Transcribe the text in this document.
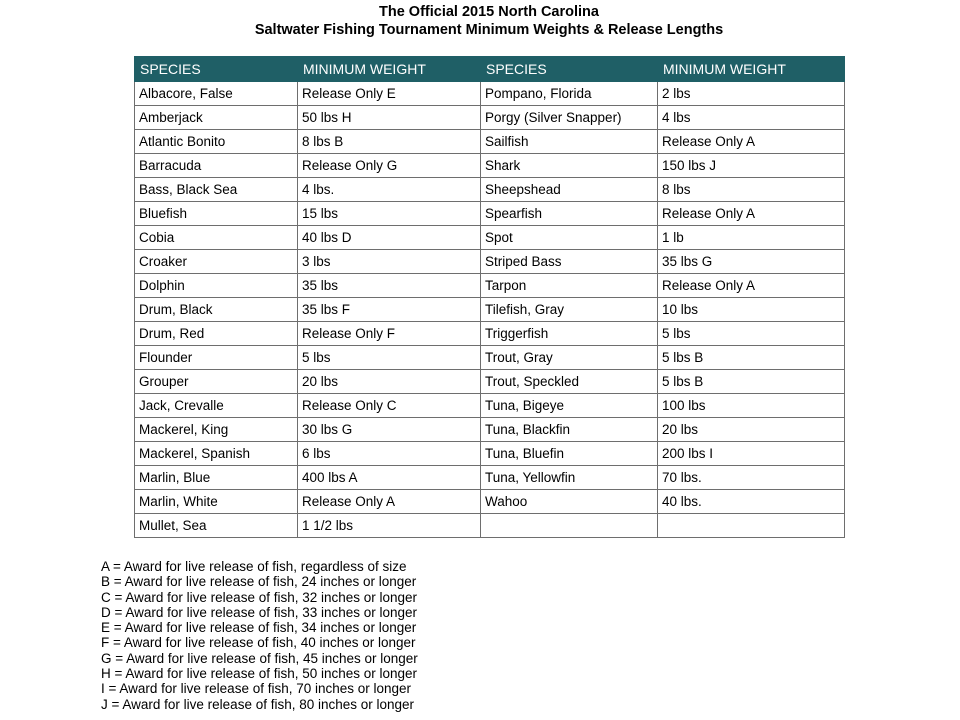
The Official 2015 North Carolina
Saltwater Fishing Tournament Minimum Weights & Release Lengths
SPECIES	MINIMUM WEIGHT	SPECIES	MINIMUM WEIGHT
Albacore, False	Release Only E	Pompano, Florida	2 lbs
Amberjack	50 lbs H	Porgy (Silver Snapper)	4 lbs
Atlantic Bonito	8 lbs B	Sailfish	Release Only A
Barracuda	Release Only G	Shark	150 lbs J
Bass, Black Sea	4 lbs.	Sheepshead	8 lbs
Bluefish	15 lbs	Spearfish	Release Only A
Cobia	40 lbs D	Spot	1 lb
Croaker	3 lbs	Striped Bass	35 lbs G
Dolphin	35 lbs	Tarpon	Release Only A
Drum, Black	35 lbs F	Tilefish, Gray	10 lbs
Drum, Red	Release Only F	Triggerfish	5 lbs
Flounder	5 lbs	Trout, Gray	5 lbs B
Grouper	20 lbs	Trout, Speckled	5 lbs B
Jack, Crevalle	Release Only C	Tuna, Bigeye	100 lbs
Mackerel, King	30 lbs G	Tuna, Blackfin	20 lbs
Mackerel, Spanish	6 lbs	Tuna, Bluefin	200 lbs I
Marlin, Blue	400 lbs A	Tuna, Yellowfin	70 lbs.
Marlin, White	Release Only A	Wahoo	40 lbs.
Mullet, Sea	1 1/2 lbs		
A = Award for live release of fish, regardless of size
B = Award for live release of fish, 24 inches or longer
C = Award for live release of fish, 32 inches or longer
D = Award for live release of fish, 33 inches or longer
E = Award for live release of fish, 34 inches or longer
F = Award for live release of fish, 40 inches or longer
G = Award for live release of fish, 45 inches or longer
H = Award for live release of fish, 50 inches or longer
I = Award for live release of fish, 70 inches or longer
J = Award for live release of fish, 80 inches or longer
